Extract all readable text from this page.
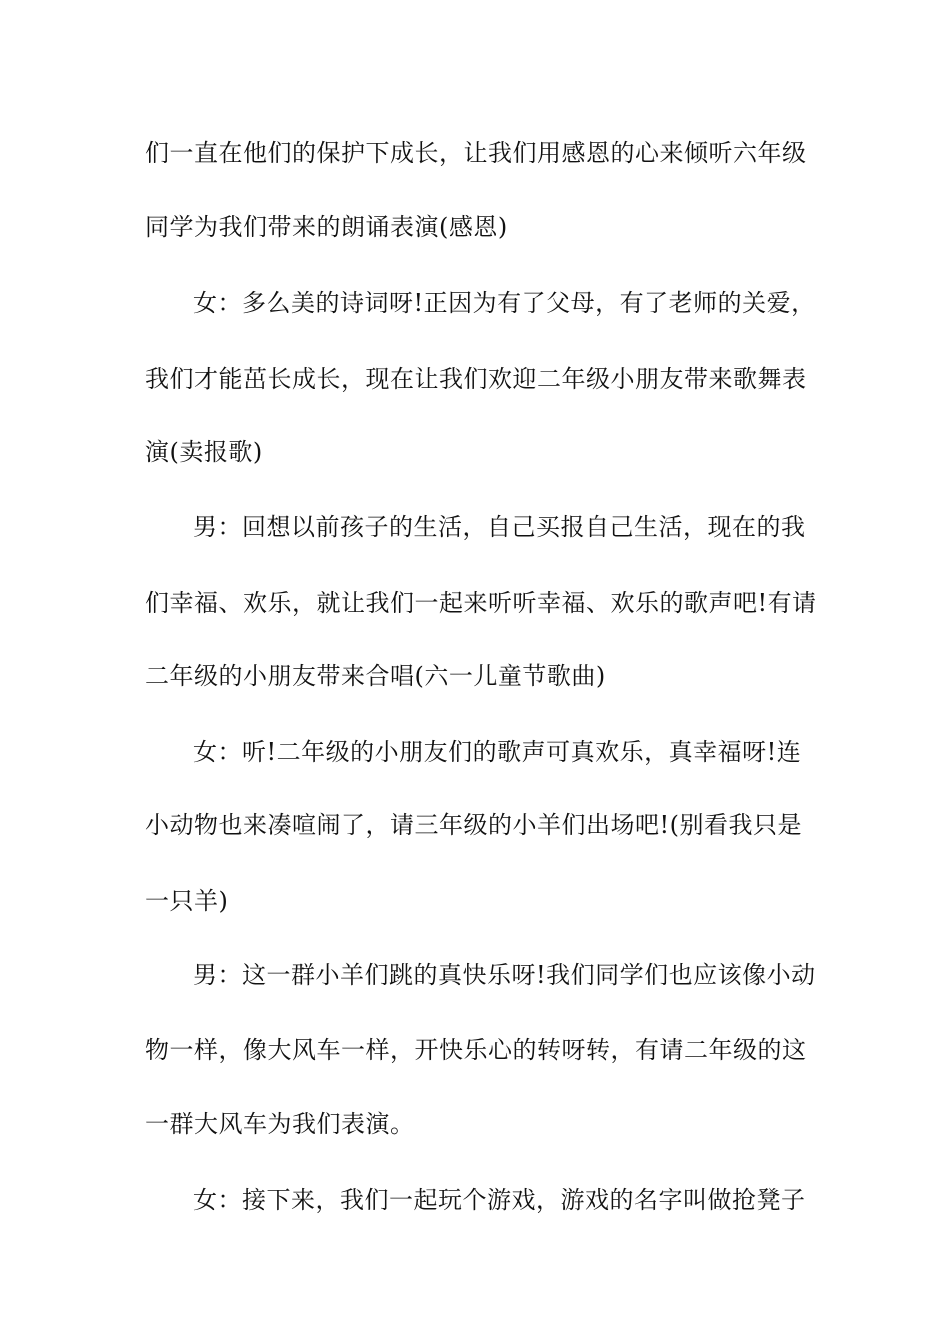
们一直在他们的保护下成长，让我们用感恩的心来倾听六年级
同学为我们带来的朗诵表演(感恩)
女：多么美的诗词呀!正因为有了父母，有了老师的关爱，
我们才能茁长成长，现在让我们欢迎二年级小朋友带来歌舞表
演(卖报歌)
男：回想以前孩子的生活，自己买报自己生活，现在的我
们幸福、欢乐，就让我们一起来听听幸福、欢乐的歌声吧!有请
二年级的小朋友带来合唱(六一儿童节歌曲)
女：听!二年级的小朋友们的歌声可真欢乐，真幸福呀!连
小动物也来凑喧闹了，请三年级的小羊们出场吧!(别看我只是
一只羊)
男：这一群小羊们跳的真快乐呀!我们同学们也应该像小动
物一样，像大风车一样，开快乐心的转呀转，有请二年级的这
一群大风车为我们表演。
女：接下来，我们一起玩个游戏，游戏的名字叫做抢凳子
